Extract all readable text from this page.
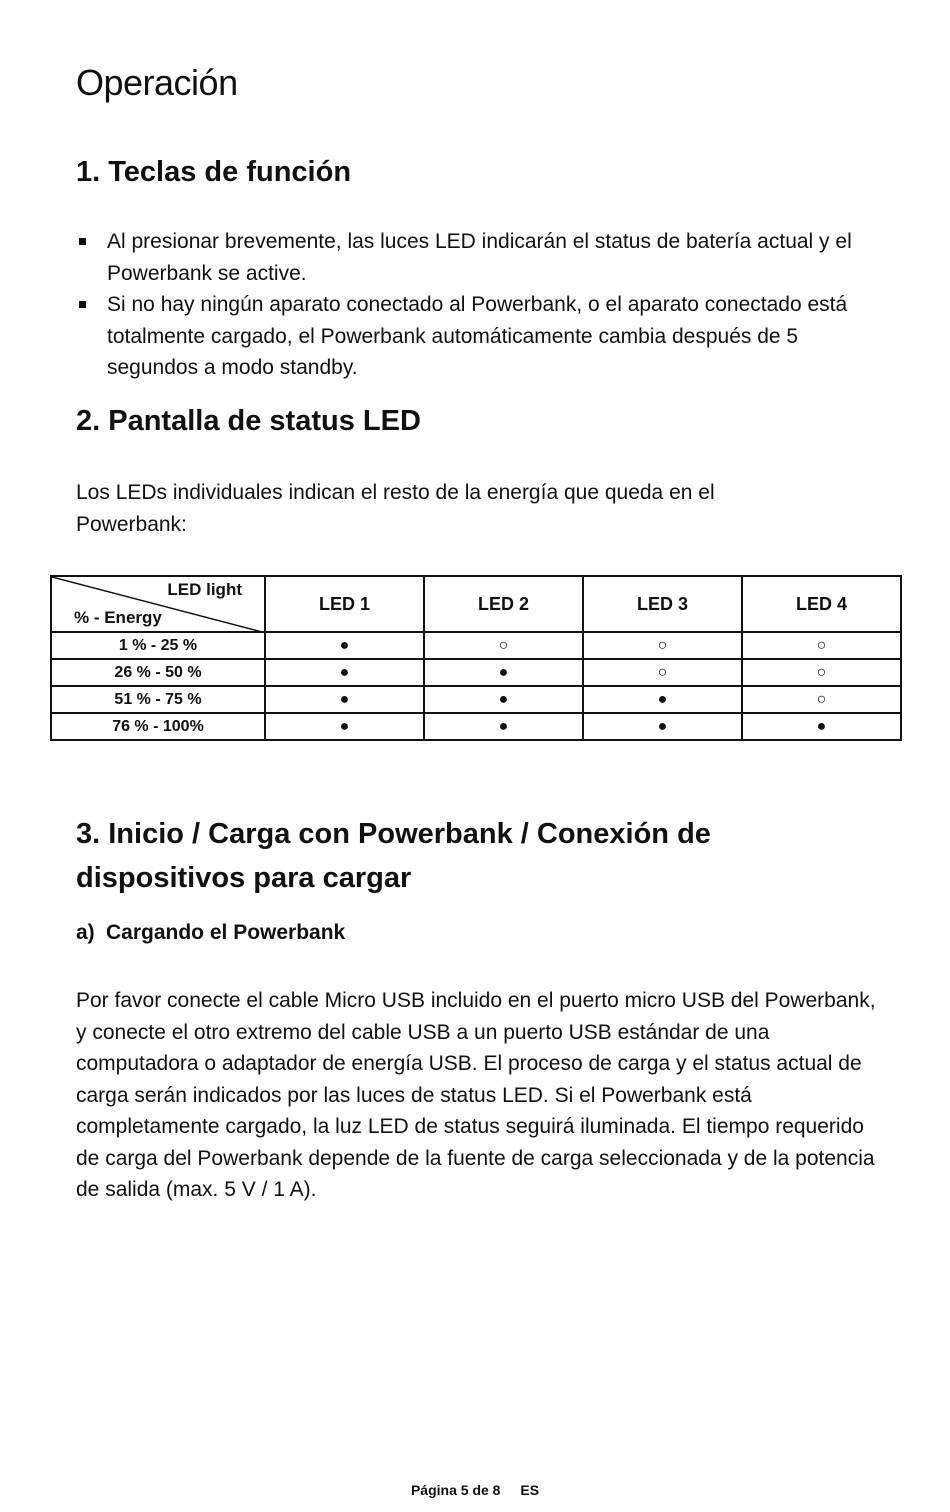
Operación
1. Teclas de función
Al presionar brevemente, las luces LED indicarán el status de batería actual y el Powerbank se active.
Si no hay ningún aparato conectado al Powerbank, o el aparato conectado está totalmente cargado, el Powerbank automáticamente cambia después de 5 segundos a modo standby.
2. Pantalla de status LED

Los LEDs individuales indican el resto de la energía que queda en el Powerbank:

LED light
% - Energy	LED 1	LED 2	LED 3	LED 4
1 % - 25 %	●	○	○	○
26 % - 50 %	●	●	○	○
51 % - 75 %	●	●	●	○
76 % - 100%	●	●	●	●
3. Inicio / Carga con Powerbank / Conexión de
dispositivos para cargar

a) Cargando el Powerbank

Por favor conecte el cable Micro USB incluido en el puerto micro USB del Powerbank, y conecte el otro extremo del cable USB a un puerto USB estándar de una computadora o adaptador de energía USB. El proceso de carga y el status actual de carga serán indicados por las luces de status LED. Si el Powerbank está completamente cargado, la luz LED de status seguirá iluminada. El tiempo requerido de carga del Powerbank depende de la fuente de carga seleccionada y de la potencia de salida (max. 5 V / 1 A).

Página 5 de 8 ES
